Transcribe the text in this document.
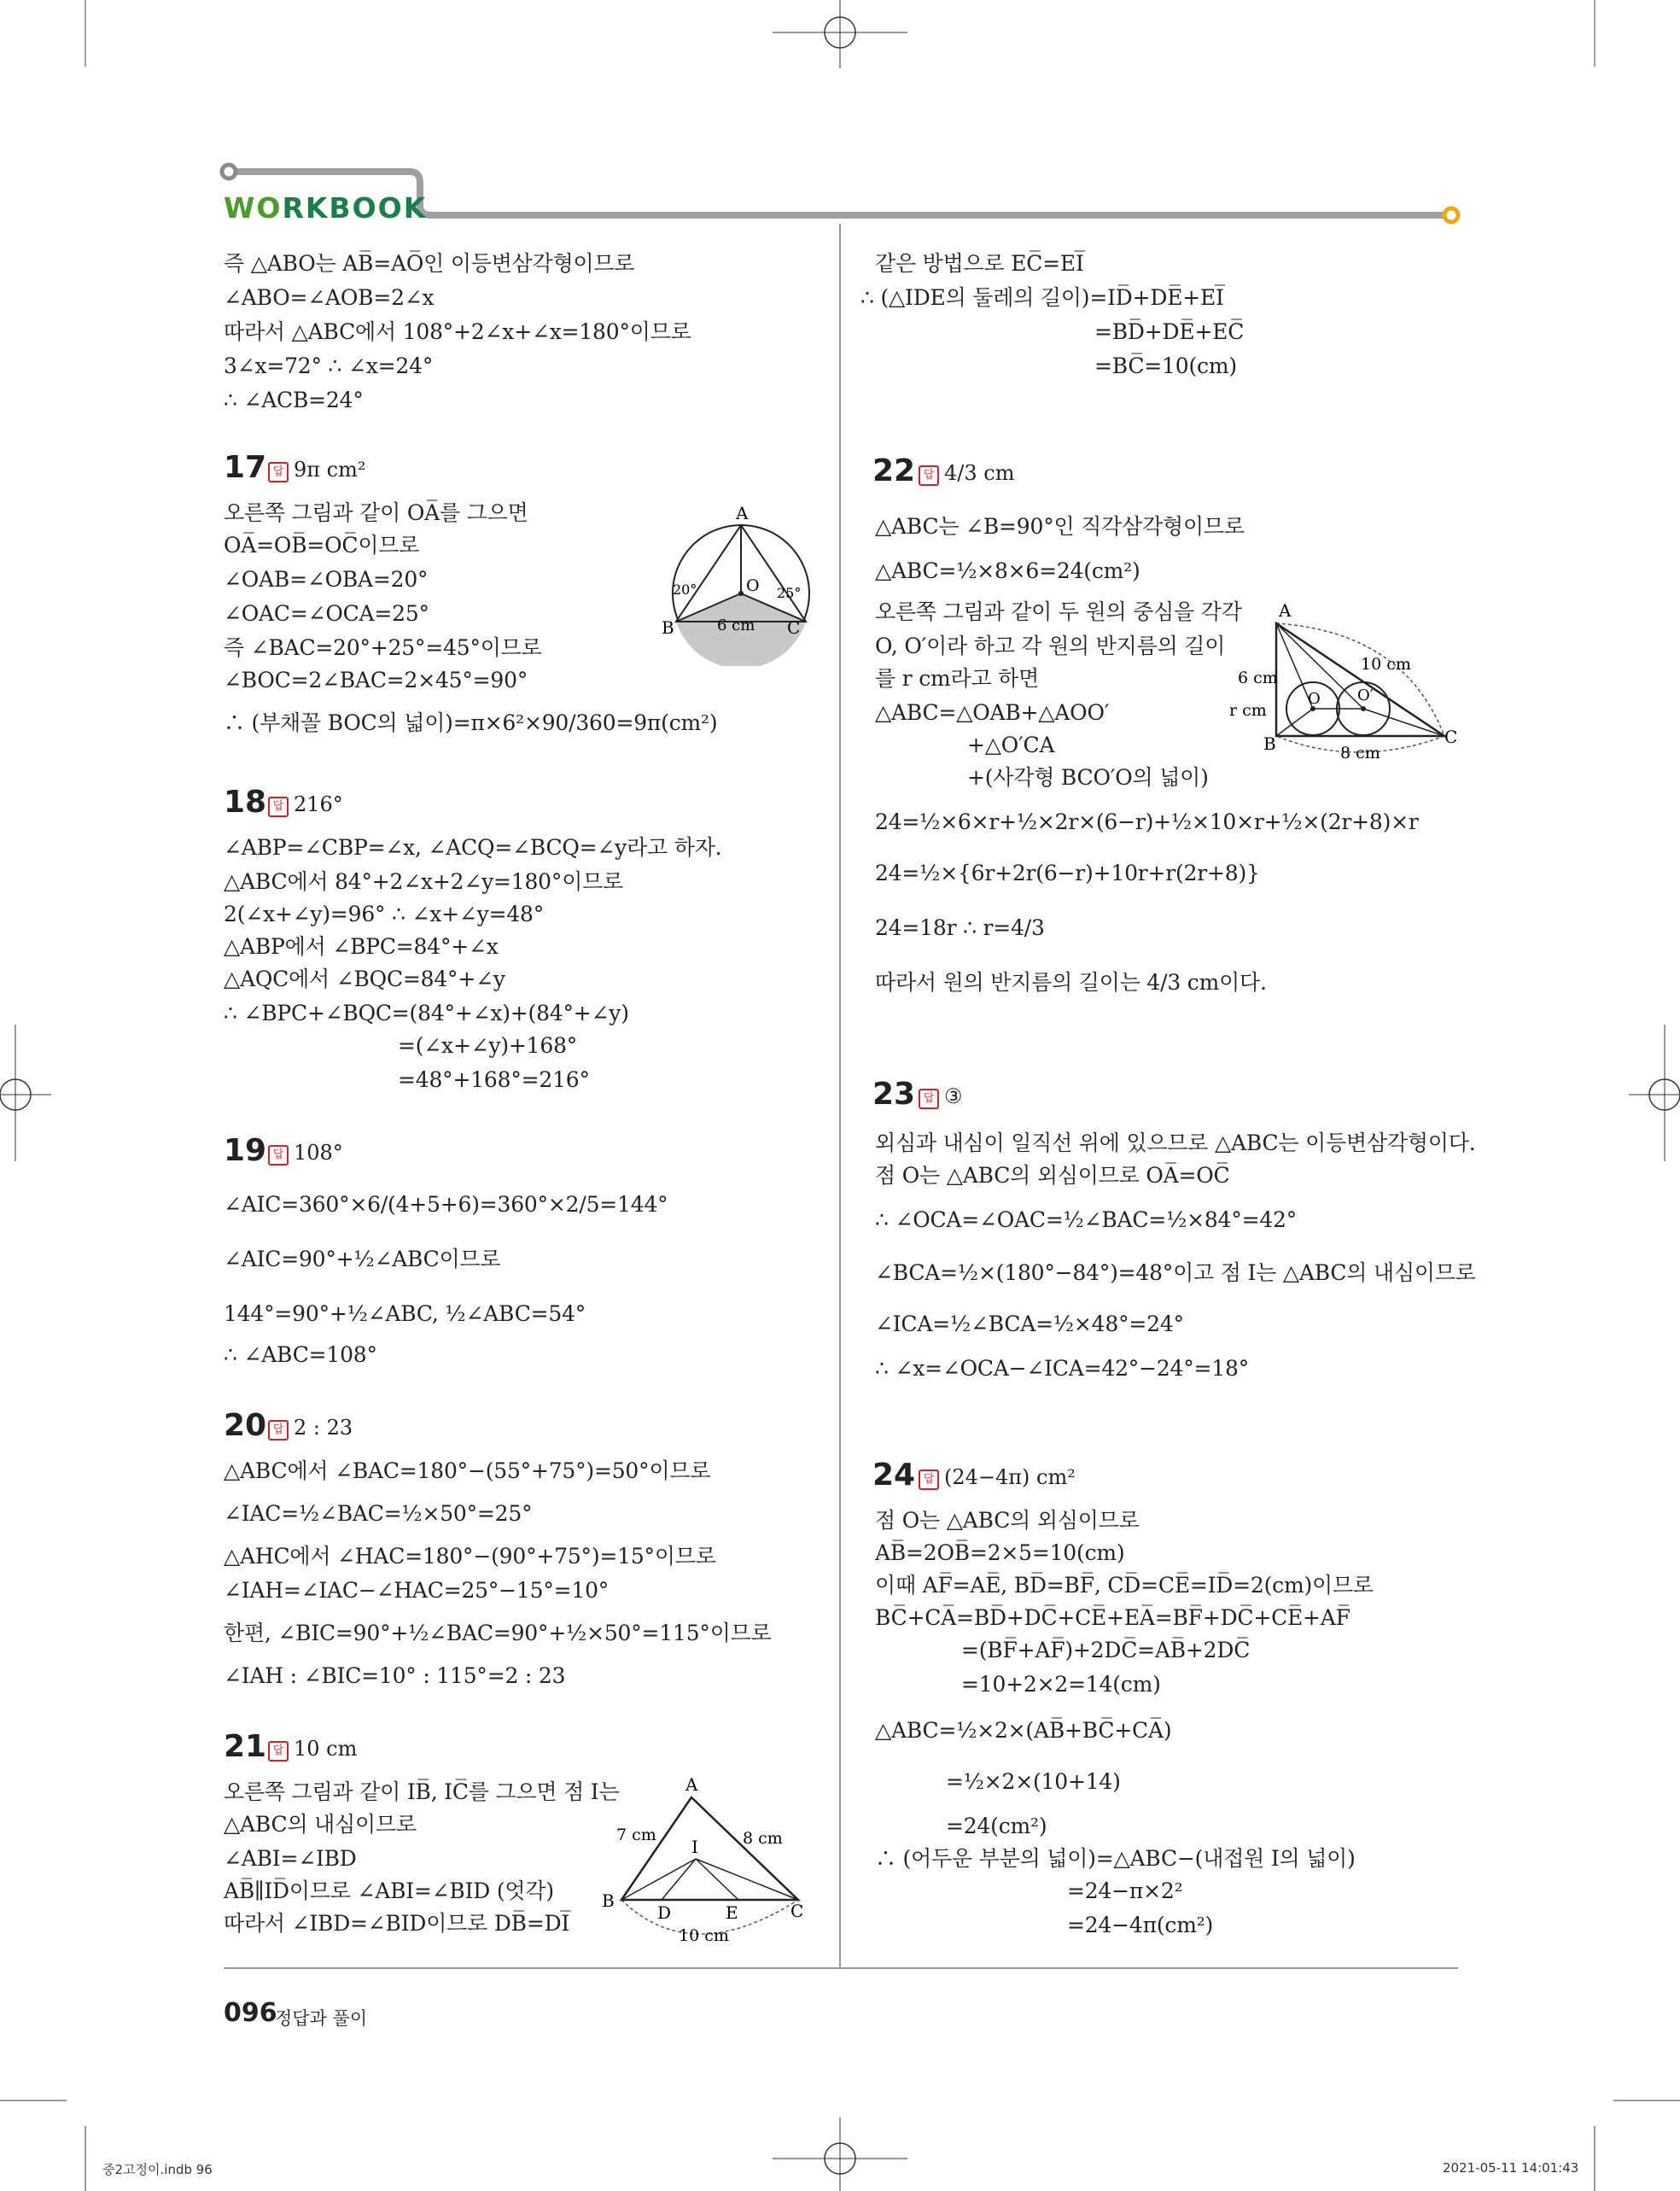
WORKBOOK
즉 △ABO는 AB̅=AO̅인 이등변삼각형이므로
∠ABO=∠AOB=2∠x
따라서 △ABC에서 108°+2∠x+∠x=180°이므로
3∠x=72° ∴ ∠x=24°
∴ ∠ACB=24°
17 답 9π cm²
오른쪽 그림과 같이 OA̅를 그으면
OA̅=OB̅=OC̅이므로
∠OAB=∠OBA=20°
∠OAC=∠OCA=25°
즉 ∠BAC=20°+25°=45°이므로
∠BOC=2∠BAC=2×45°=90°
∴ (부채꼴 BOC의 넓이)=π×6²×90/360=9π(cm²)
A
B	C
O
20°	25°
6 cm
18 답 216°
∠ABP=∠CBP=∠x, ∠ACQ=∠BCQ=∠y라고 하자.
△ABC에서 84°+2∠x+2∠y=180°이므로
2(∠x+∠y)=96° ∴ ∠x+∠y=48°
△ABP에서 ∠BPC=84°+∠x
△AQC에서 ∠BQC=84°+∠y
∴ ∠BPC+∠BQC=(84°+∠x)+(84°+∠y)
=(∠x+∠y)+168°
=48°+168°=216°
19 답 108°
∠AIC=360°×6/(4+5+6)=360°×2/5=144°
∠AIC=90°+½∠ABC이므로
144°=90°+½∠ABC, ½∠ABC=54°
∴ ∠ABC=108°
20 답 2 : 23
△ABC에서 ∠BAC=180°−(55°+75°)=50°이므로
∠IAC=½∠BAC=½×50°=25°
△AHC에서 ∠HAC=180°−(90°+75°)=15°이므로
∠IAH=∠IAC−∠HAC=25°−15°=10°
한편, ∠BIC=90°+½∠BAC=90°+½×50°=115°이므로
∠IAH : ∠BIC=10° : 115°=2 : 23
21 답 10 cm
오른쪽 그림과 같이 IB̅, IC̅를 그으면 점 I는
△ABC의 내심이므로
∠ABI=∠IBD
AB̅∥ID̅이므로 ∠ABI=∠BID (엇각)
따라서 ∠IBD=∠BID이므로 DB̅=DI̅
A
B	C
I
D	E
7 cm	8 cm
10 cm
같은 방법으로 EC̅=EI̅
∴ (△IDE의 둘레의 길이)=ID̅+DE̅+EI̅
=BD̅+DE̅+EC̅
=BC̅=10(cm)
22 답 4/3 cm
△ABC는 ∠B=90°인 직각삼각형이므로
△ABC=½×8×6=24(cm²)
오른쪽 그림과 같이 두 원의 중심을 각각
O, O′이라 하고 각 원의 반지름의 길이
를 r cm라고 하면
△ABC=△OAB+△AOO′
+△O′CA
+(사각형 BCO′O의 넓이)
24=½×6×r+½×2r×(6−r)+½×10×r+½×(2r+8)×r
24=½×{6r+2r(6−r)+10r+r(2r+8)}
24=18r ∴ r=4/3
따라서 원의 반지름의 길이는 4/3 cm이다.
A
B	C
O O′
6 cm
10 cm
8 cm
r cm
23 답 ③
외심과 내심이 일직선 위에 있으므로 △ABC는 이등변삼각형이다.
점 O는 △ABC의 외심이므로 OA̅=OC̅
∴ ∠OCA=∠OAC=½∠BAC=½×84°=42°
∠BCA=½×(180°−84°)=48°이고 점 I는 △ABC의 내심이므로
∠ICA=½∠BCA=½×48°=24°
∴ ∠x=∠OCA−∠ICA=42°−24°=18°
24 답 (24−4π) cm²
점 O는 △ABC의 외심이므로
AB̅=2OB̅=2×5=10(cm)
이때 AF̅=AE̅, BD̅=BF̅, CD̅=CE̅=ID̅=2(cm)이므로
BC̅+CA̅=BD̅+DC̅+CE̅+EA̅=BF̅+DC̅+CE̅+AF̅
=(BF̅+AF̅)+2DC̅=AB̅+2DC̅
=10+2×2=14(cm)
△ABC=½×2×(AB̅+BC̅+CA̅)
=½×2×(10+14)
=24(cm²)
∴ (어두운 부분의 넓이)=△ABC−(내접원 I의 넓이)
=24−π×2²
=24−4π(cm²)
096
정답과 풀이
중2고정이.indb 96	2021-05-11 14:01:43
